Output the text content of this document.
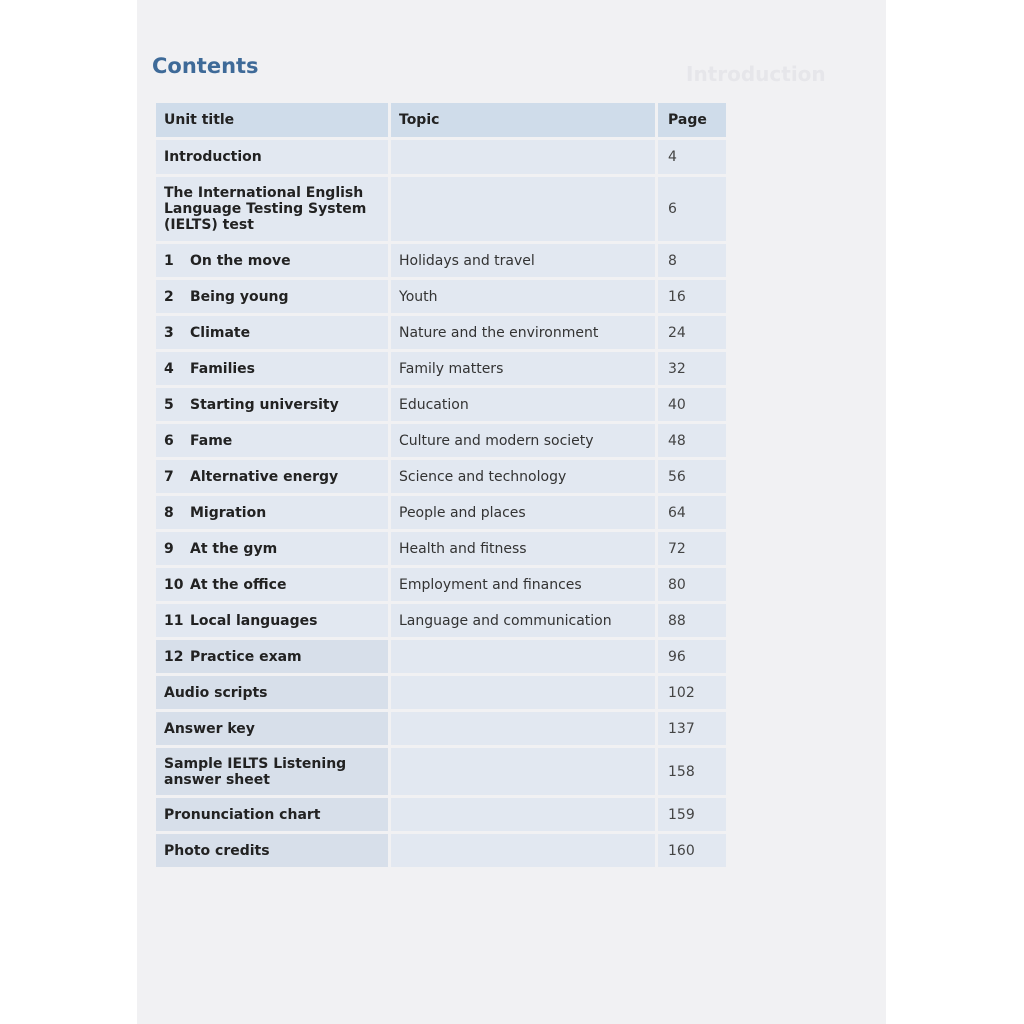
Introduction
Contents
Unit title	Topic	Page
Introduction	4
The International English Language Testing System (IELTS) test
6
1	On the move	Holidays and travel	8
2	Being young	Youth	16
3	Climate	Nature and the environment	24
4	Families	Family matters	32
5	Starting university	Education	40
6	Fame	Culture and modern society	48
7	Alternative energy	Science and technology	56
8	Migration	People and places	64
9	At the gym	Health and fitness	72
10 At the office	Employment and finances	80
11 Local languages	Language and communication	88
12 Practice exam	96
Audio scripts	102
Answer key	137
Sample IELTS Listening answer sheet	158
Pronunciation chart	159
Photo credits	160
